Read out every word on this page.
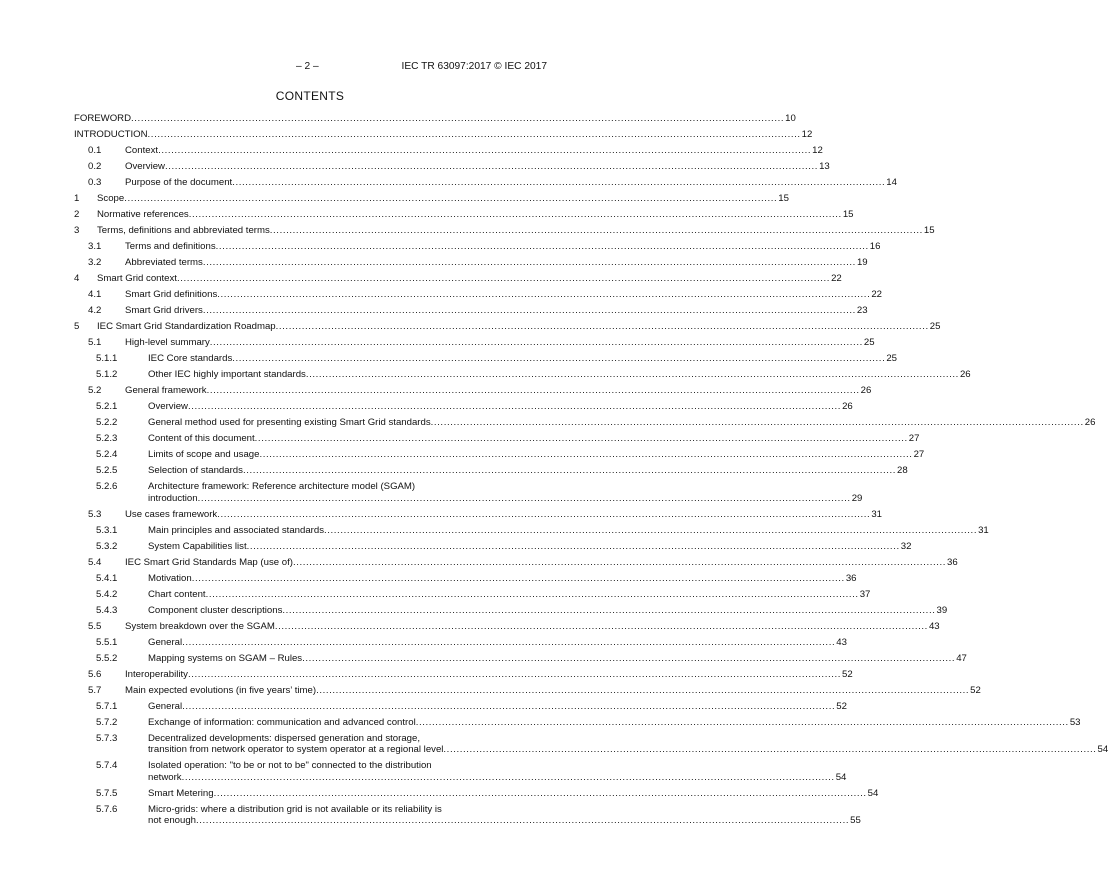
– 2 –	IEC TR 63097:2017 © IEC 2017
CONTENTS
FOREWORD ........................................................................................................................................................................................................ 10
INTRODUCTION ........................................................................................................................................................................................................ 12
0.1 Context ........................................................................................................................................................................................................ 12
0.2 Overview ........................................................................................................................................................................................................ 13
0.3 Purpose of the document ........................................................................................................................................................................................................ 14
1 Scope ........................................................................................................................................................................................................ 15
2 Normative references ........................................................................................................................................................................................................ 15
3 Terms, definitions and abbreviated terms ........................................................................................................................................................................................................ 15
3.1 Terms and definitions ........................................................................................................................................................................................................ 16
3.2 Abbreviated terms ........................................................................................................................................................................................................ 19
4 Smart Grid context ........................................................................................................................................................................................................ 22
4.1 Smart Grid definitions ........................................................................................................................................................................................................ 22
4.2 Smart Grid drivers ........................................................................................................................................................................................................ 23
5 IEC Smart Grid Standardization Roadmap ........................................................................................................................................................................................................ 25
5.1 High-level summary ........................................................................................................................................................................................................ 25
5.1.1	IEC Core standards ........................................................................................................................................................................................................ 25
5.1.2	Other IEC highly important standards ........................................................................................................................................................................................................ 26
5.2 General framework ........................................................................................................................................................................................................ 26
5.2.1	Overview ........................................................................................................................................................................................................ 26
5.2.2	General method used for presenting existing Smart Grid standards ........................................................................................................................................................................................................ 26
5.2.3	Content of this document ........................................................................................................................................................................................................ 27
5.2.4	Limits of scope and usage ........................................................................................................................................................................................................ 27
5.2.5	Selection of standards ........................................................................................................................................................................................................ 28
5.2.6	Architecture framework: Reference architecture model (SGAM)
introduction ........................................................................................................................................................................................................ 29
5.3 Use cases framework ........................................................................................................................................................................................................ 31
5.3.1	Main principles and associated standards ........................................................................................................................................................................................................ 31
5.3.2	System Capabilities list ........................................................................................................................................................................................................ 32
5.4 IEC Smart Grid Standards Map (use of) ........................................................................................................................................................................................................ 36
5.4.1	Motivation ........................................................................................................................................................................................................ 36
5.4.2	Chart content ........................................................................................................................................................................................................ 37
5.4.3	Component cluster descriptions ........................................................................................................................................................................................................ 39
5.5 System breakdown over the SGAM ........................................................................................................................................................................................................ 43
5.5.1	General ........................................................................................................................................................................................................ 43
5.5.2	Mapping systems on SGAM – Rules ........................................................................................................................................................................................................ 47
5.6 Interoperability ........................................................................................................................................................................................................ 52
5.7 Main expected evolutions (in five years’ time) ........................................................................................................................................................................................................ 52
5.7.1	General ........................................................................................................................................................................................................ 52
5.7.2	Exchange of information: communication and advanced control ........................................................................................................................................................................................................ 53
5.7.3	Decentralized developments: dispersed generation and storage,
transition from network operator to system operator at a regional level ........................................................................................................................................................................................................ 54
5.7.4	Isolated operation: "to be or not to be" connected to the distribution
network ........................................................................................................................................................................................................ 54
5.7.5	Smart Metering ........................................................................................................................................................................................................ 54
5.7.6	Micro-grids: where a distribution grid is not available or its reliability is
not enough ........................................................................................................................................................................................................ 55
